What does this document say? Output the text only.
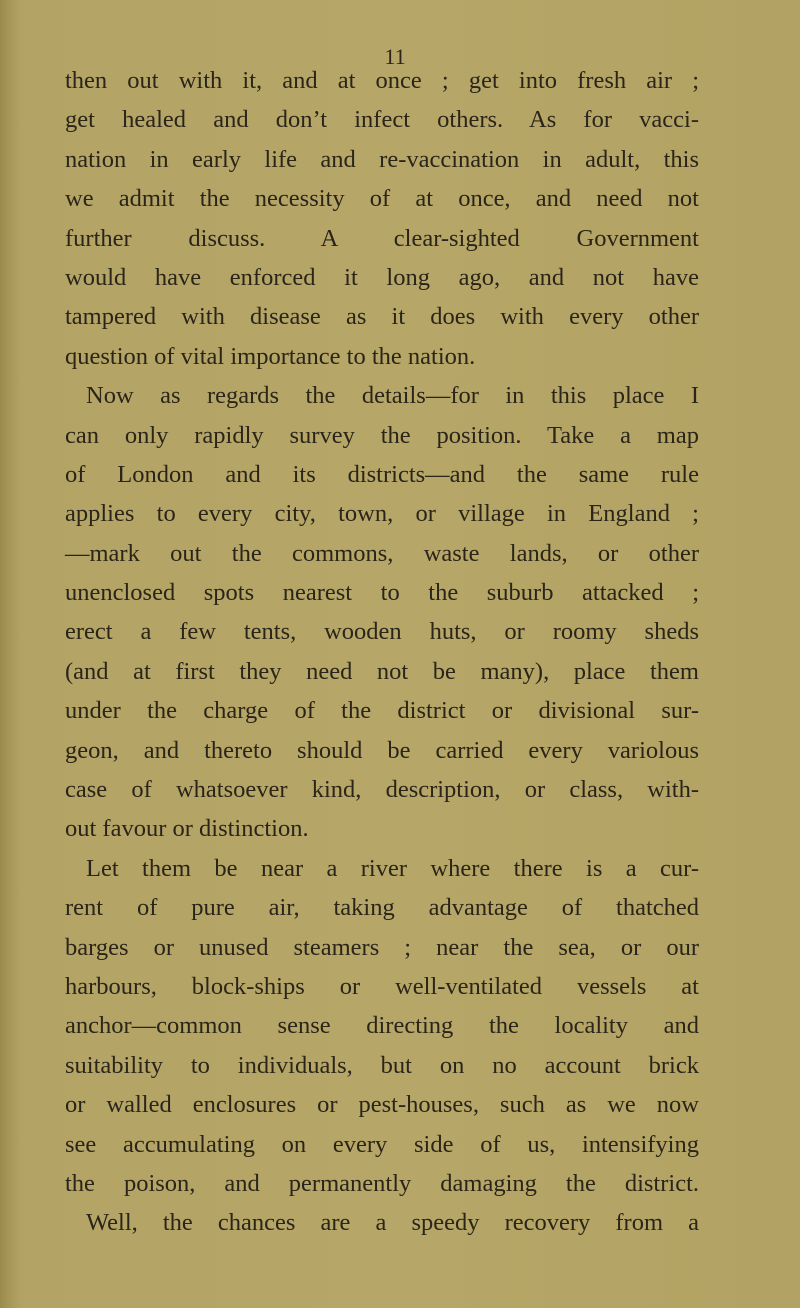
11
then out with it, and at once ; get into fresh air ;
get healed and don’t infect others. As for vacci-
nation in early life and re-vaccination in adult, this
we admit the necessity of at once, and need not
further discuss. A clear-sighted Government
would have enforced it long ago, and not have
tampered with disease as it does with every other
question of vital importance to the nation.
Now as regards the details—for in this place I
can only rapidly survey the position. Take a map
of London and its districts—and the same rule
applies to every city, town, or village in England ;
—mark out the commons, waste lands, or other
unenclosed spots nearest to the suburb attacked ;
erect a few tents, wooden huts, or roomy sheds
(and at first they need not be many), place them
under the charge of the district or divisional sur-
geon, and thereto should be carried every variolous
case of whatsoever kind, description, or class, with-
out favour or distinction.
Let them be near a river where there is a cur-
rent of pure air, taking advantage of thatched
barges or unused steamers ; near the sea, or our
harbours, block-ships or well-ventilated vessels at
anchor—common sense directing the locality and
suitability to individuals, but on no account brick
or walled enclosures or pest-houses, such as we now
see accumulating on every side of us, intensifying
the poison, and permanently damaging the district.
Well, the chances are a speedy recovery from a
